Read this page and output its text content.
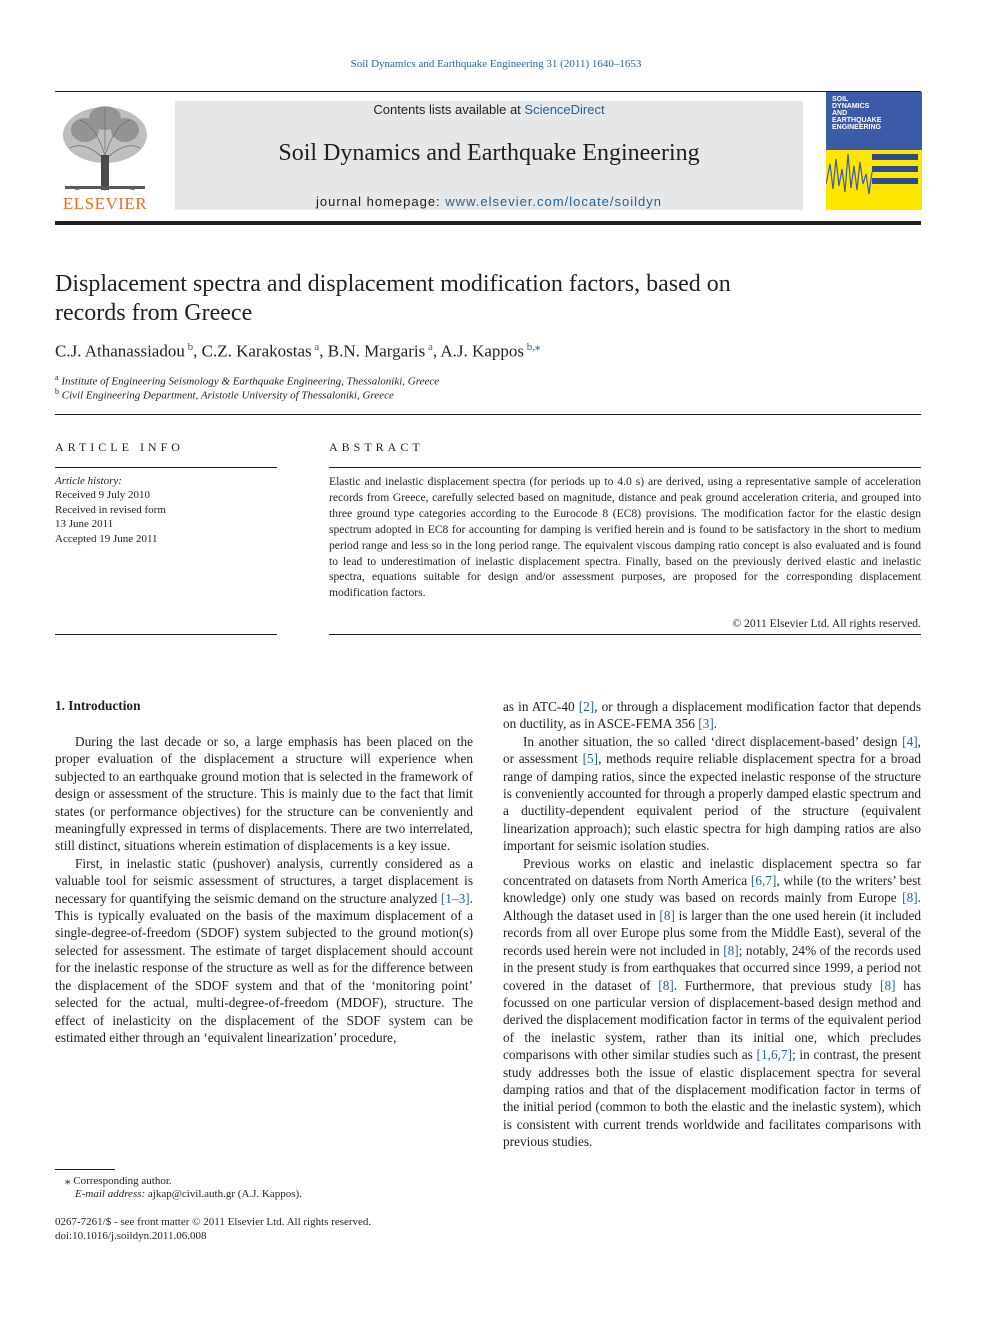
Soil Dynamics and Earthquake Engineering 31 (2011) 1640–1653
ELSEVIER
Contents lists available at ScienceDirect
Soil Dynamics and Earthquake Engineering
journal homepage: www.elsevier.com/locate/soildyn
SOIL
DYNAMICS
AND
EARTHQUAKE
ENGINEERING
Displacement spectra and displacement modification factors, based on
records from Greece
C.J. Athanassiadou $^b$, C.Z. Karakostas $^a$, B.N. Margaris $^a$, A.J. Kappos $^{b,⁎}$
$^a$ Institute of Engineering Seismology & Earthquake Engineering, Thessaloniki, Greece
$^b$ Civil Engineering Department, Aristotle University of Thessaloniki, Greece
ARTICLE INFO
Article history:
Received 9 July 2010
Received in revised form
13 June 2011
Accepted 19 June 2011
ABSTRACT
Elastic and inelastic displacement spectra (for periods up to 4.0 s) are derived, using a representative sample of acceleration records from Greece, carefully selected based on magnitude, distance and peak ground acceleration criteria, and grouped into three ground type categories according to the Eurocode 8 (EC8) provisions. The modification factor for the elastic design spectrum adopted in EC8 for accounting for damping is verified herein and is found to be satisfactory in the short to medium period range and less so in the long period range. The equivalent viscous damping ratio concept is also evaluated and is found to lead to underestimation of inelastic displacement spectra. Finally, based on the previously derived elastic and inelastic spectra, equations suitable for design and/or assessment purposes, are proposed for the corresponding displacement modification factors.
© 2011 Elsevier Ltd. All rights reserved.
1. Introduction

During the last decade or so, a large emphasis has been placed on the proper evaluation of the displacement a structure will experience when subjected to an earthquake ground motion that is selected in the framework of design or assessment of the structure. This is mainly due to the fact that limit states (or performance objectives) for the structure can be conveniently and meaningfully expressed in terms of displacements. There are two interrelated, still distinct, situations wherein estimation of displacements is a key issue.

First, in inelastic static (pushover) analysis, currently considered as a valuable tool for seismic assessment of structures, a target displacement is necessary for quantifying the seismic demand on the structure analyzed [1–3]. This is typically evaluated on the basis of the maximum displacement of a single-degree-of-freedom (SDOF) system subjected to the ground motion(s) selected for assessment. The estimate of target displacement should account for the inelastic response of the structure as well as for the difference between the displacement of the SDOF system and that of the ‘monitoring point’ selected for the actual, multi-degree-of-freedom (MDOF), structure. The effect of inelasticity on the displacement of the SDOF system can be estimated either through an ‘equivalent linearization’ procedure,

as in ATC-40 [2], or through a displacement modification factor that depends on ductility, as in ASCE-FEMA 356 [3].

In another situation, the so called ‘direct displacement-based’ design [4], or assessment [5], methods require reliable displacement spectra for a broad range of damping ratios, since the expected inelastic response of the structure is conveniently accounted for through a properly damped elastic spectrum and a ductility-dependent equivalent period of the structure (equivalent linearization approach); such elastic spectra for high damping ratios are also important for seismic isolation studies.

Previous works on elastic and inelastic displacement spectra so far concentrated on datasets from North America [6,7], while (to the writers’ best knowledge) only one study was based on records mainly from Europe [8]. Although the dataset used in [8] is larger than the one used herein (it included records from all over Europe plus some from the Middle East), several of the records used herein were not included in [8]; notably, 24% of the records used in the present study is from earthquakes that occurred since 1999, a period not covered in the dataset of [8]. Furthermore, that previous study [8] has focussed on one particular version of displacement-based design method and derived the displacement modification factor in terms of the equivalent period of the inelastic system, rather than its initial one, which precludes comparisons with other similar studies such as [1,6,7]; in contrast, the present study addresses both the issue of elastic displacement spectra for several damping ratios and that of the displacement modification factor in terms of the initial period (common to both the elastic and the inelastic system), which is consistent with current trends worldwide and facilitates comparisons with previous studies.

⁎ Corresponding author.
E-mail address: ajkap@civil.auth.gr (A.J. Kappos).
0267-7261/$ - see front matter © 2011 Elsevier Ltd. All rights reserved.
doi:10.1016/j.soildyn.2011.06.008
